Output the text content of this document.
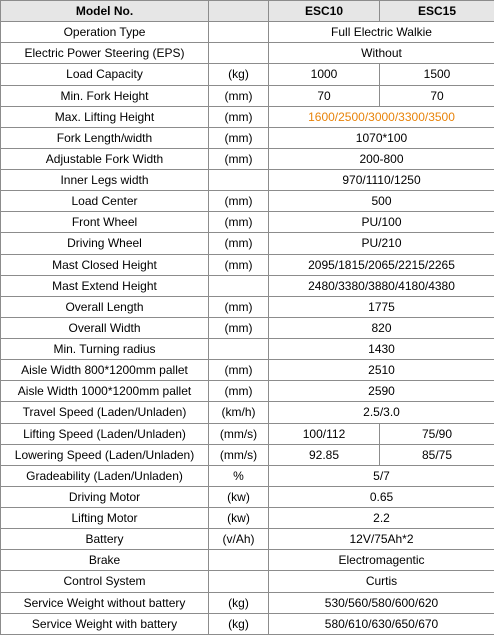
Model No.		ESC10	ESC15
Operation Type		Full Electric Walkie	
Electric Power Steering (EPS)		Without	
Load Capacity	(kg)	1000	1500
Min. Fork Height	(mm)	70	70
Max. Lifting Height	(mm)	1600/2500/3000/3300/3500	
Fork Length/width	(mm)	1070*100	
Adjustable Fork Width	(mm)	200-800	
Inner Legs width		970/1110/1250	
Load Center	(mm)	500	
Front Wheel	(mm)	PU/100	
Driving Wheel	(mm)	PU/210	
Mast Closed Height	(mm)	2095/1815/2065/2215/2265	
Mast Extend Height		2480/3380/3880/4180/4380	
Overall Length	(mm)	1775	
Overall Width	(mm)	820	
Min. Turning radius		1430	
Aisle Width 800*1200mm pallet	(mm)	2510	
Aisle Width 1000*1200mm pallet	(mm)	2590	
Travel Speed (Laden/Unladen)	(km/h)	2.5/3.0	
Lifting Speed (Laden/Unladen)	(mm/s)	100/112	75/90
Lowering Speed (Laden/Unladen)	(mm/s)	92.85	85/75
Gradeability (Laden/Unladen)	%	5/7	
Driving Motor	(kw)	0.65	
Lifting Motor	(kw)	2.2	
Battery	(v/Ah)	12V/75Ah*2	
Brake		Electromagentic	
Control System		Curtis	
Service Weight without battery	(kg)	530/560/580/600/620	
Service Weight with battery	(kg)	580/610/630/650/670	
